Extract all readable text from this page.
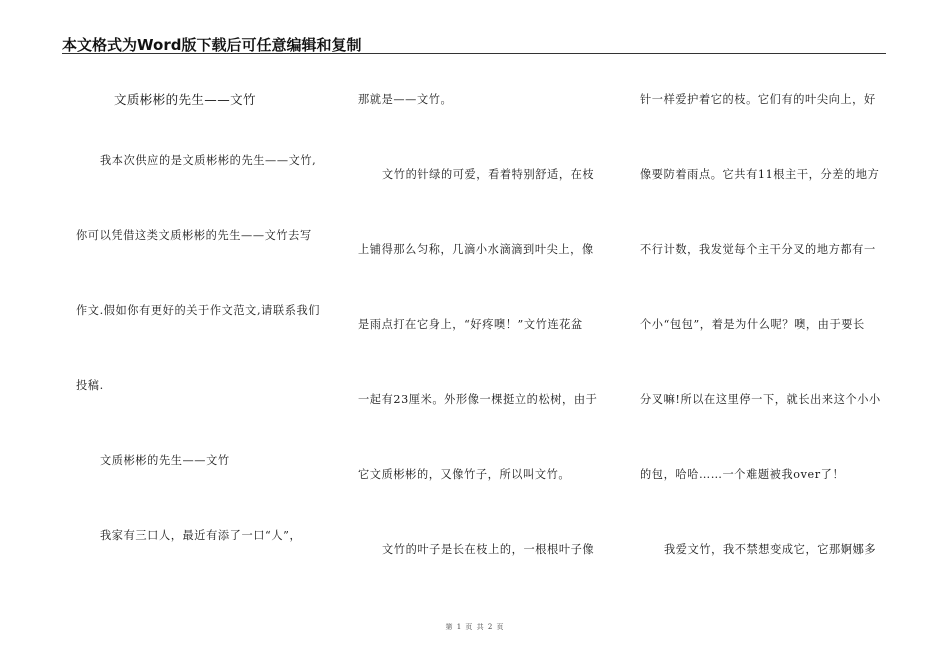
本文格式为Word版下载后可任意编辑和复制
文质彬彬的先生——文竹
我本次供应的是文质彬彬的先生——文竹,
你可以凭借这类文质彬彬的先生——文竹去写
作文.假如你有更好的关于作文范文,请联系我们
投稿.
文质彬彬的先生——文竹
我家有三口人，最近有添了一口“人”，
那就是——文竹。
文竹的针绿的可爱，看着特别舒适，在枝
上铺得那么匀称，几滴小水滴滴到叶尖上，像
是雨点打在它身上，“好疼噢！”文竹连花盆
一起有23厘米。外形像一棵挺立的松树，由于
它文质彬彬的，又像竹子，所以叫文竹。
文竹的叶子是长在枝上的，一根根叶子像
针一样爱护着它的枝。它们有的叶尖向上，好
像要防着雨点。它共有11根主干，分差的地方
不行计数，我发觉每个主干分叉的地方都有一
个小“包包”，着是为什么呢？噢，由于要长
分叉嘛!所以在这里停一下，就长出来这个小小
的包，哈哈……一个难题被我over了！
我爱文竹，我不禁想变成它，它那婀娜多
第 1 页 共 2 页
